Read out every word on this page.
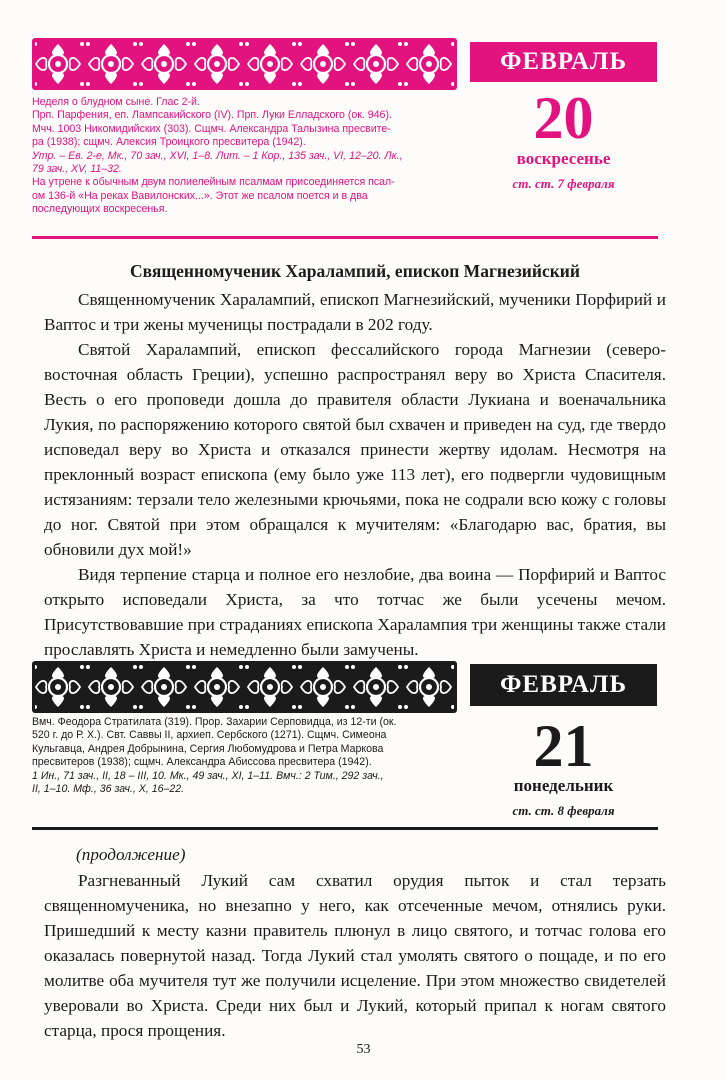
ФЕВРАЛЬ
20
воскресенье
ст. ст. 7 февраля

Неделя о блудном сыне. Глас 2-й.

Прп. Парфения, еп. Лампсакийского (IV). Прп. Луки Елладского (ок. 946).

Мчч. 1003 Никомидийских (303). Сщмч. Александра Талызина пресвите-

ра (1938); сщмч. Алексия Троицкого пресвитера (1942).

Утр. – Ев. 2-е, Мк., 70 зач., XVI, 1–8. Лит. – 1 Кор., 135 зач., VI, 12–20. Лк.,

79 зач., XV, 11–32.

На утрене к обычным двум полиелейным псалмам присоединяется псал-

ом 136-й «На реках Вавилонских...». Этот же псалом поется и в два

последующих воскресенья.

Священномученик Харалампий, епископ Магнезийский

Священномученик Харалампий, епископ Магнезийский, мученики Порфирий и Ваптос и три жены мученицы пострадали в 202 году.

Святой Харалампий, епископ фессалийского города Магнезии (северо-восточная область Греции), успешно распространял веру во Христа Спасителя. Весть о его проповеди дошла до правителя области Лукиана и военачальника Лукия, по распоряжению которого святой был схвачен и приведен на суд, где твердо исповедал веру во Христа и отказался принести жертву идолам. Несмотря на преклонный возраст епископа (ему было уже 113 лет), его подвергли чудовищным истязаниям: терзали тело железными крючьями, пока не содрали всю кожу с головы до ног. Святой при этом обращался к мучителям: «Благодарю вас, братия, вы обновили дух мой!»

Видя терпение старца и полное его незлобие, два воина — Порфирий и Ваптос открыто исповедали Христа, за что тотчас же были усечены мечом. Присутствовавшие при страданиях епископа Харалампия три женщины также стали прославлять Христа и немедленно были замучены.

ФЕВРАЛЬ
21
понедельник
ст. ст. 8 февраля

Вмч. Феодора Стратилата (319). Прор. Захарии Серповидца, из 12-ти (ок.

520 г. до Р. Х.). Свт. Саввы II, архиеп. Сербского (1271). Сщмч. Симеона

Кульгавца, Андрея Добрынина, Сергия Любомудрова и Петра Маркова

пресвитеров (1938); сщмч. Александра Абиссова пресвитера (1942).

1 Ин., 71 зач., II, 18 – III, 10. Мк., 49 зач., XI, 1–11. Вмч.: 2 Тим., 292 зач.,

II, 1–10. Мф., 36 зач., X, 16–22.

(продолжение)

Разгневанный Лукий сам схватил орудия пыток и стал терзать священномученика, но внезапно у него, как отсеченные мечом, отнялись руки. Пришедший к месту казни правитель плюнул в лицо святого, и тотчас голова его оказалась повернутой назад. Тогда Лукий стал умолять святого о пощаде, и по его молитве оба мучителя тут же получили исцеление. При этом множество свидетелей уверовали во Христа. Среди них был и Лукий, который припал к ногам святого старца, прося прощения.

53
